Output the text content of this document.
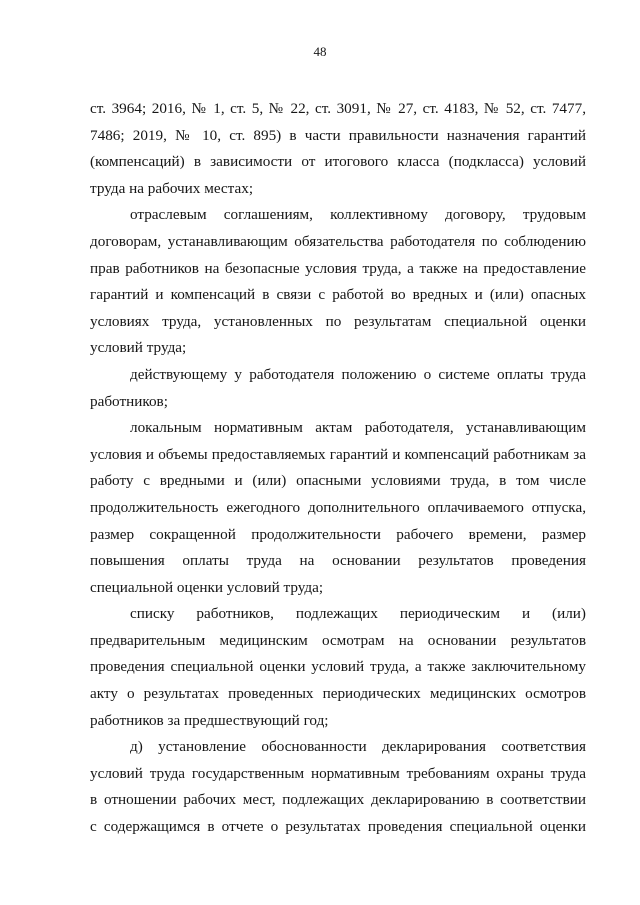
48

ст. 3964; 2016, № 1, ст. 5, № 22, ст. 3091, № 27, ст. 4183, № 52, ст. 7477,
7486; 2019, № 10, ст. 895) в части правильности назначения гарантий
(компенсаций) в зависимости от итогового класса (подкласса) условий
труда на рабочих местах;

отраслевым соглашениям, коллективному договору, трудовым
договорам, устанавливающим обязательства работодателя по соблюдению
прав работников на безопасные условия труда, а также на предоставление
гарантий и компенсаций в связи с работой во вредных и (или) опасных
условиях труда, установленных по результатам специальной оценки
условий труда;

действующему у работодателя положению о системе оплаты труда
работников;

локальным нормативным актам работодателя, устанавливающим
условия и объемы предоставляемых гарантий и компенсаций работникам за
работу с вредными и (или) опасными условиями труда, в том числе
продолжительность ежегодного дополнительного оплачиваемого отпуска,
размер сокращенной продолжительности рабочего времени, размер
повышения оплаты труда на основании результатов проведения
специальной оценки условий труда;

списку работников, подлежащих периодическим и (или)
предварительным медицинским осмотрам на основании результатов
проведения специальной оценки условий труда, а также заключительному
акту о результатах проведенных периодических медицинских осмотров
работников за предшествующий год;

д) установление обоснованности декларирования соответствия
условий труда государственным нормативным требованиям охраны труда
в отношении рабочих мест, подлежащих декларированию в соответствии
с содержащимся в отчете о результатах проведения специальной оценки
